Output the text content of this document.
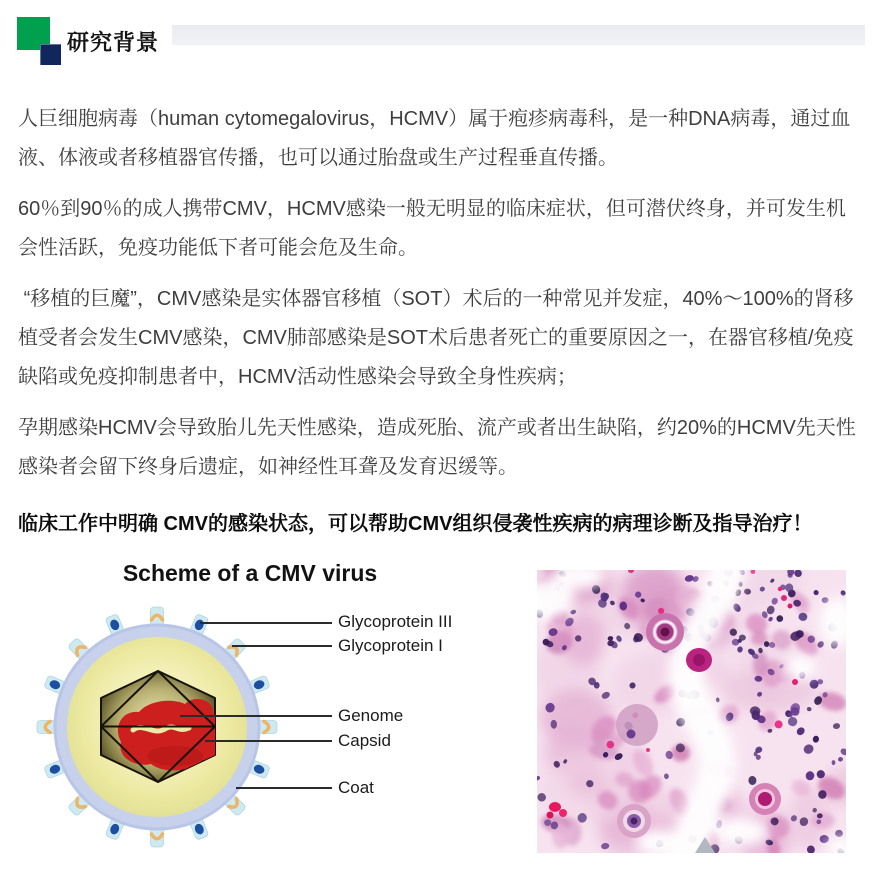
研究背景

人巨细胞病毒（human cytomegalovirus，HCMV）属于疱疹病毒科，是一种DNA病毒，通过血液、体液或者移植器官传播，也可以通过胎盘或生产过程垂直传播。

60％到90％的成人携带CMV，HCMV感染一般无明显的临床症状，但可潜伏终身，并可发生机会性活跃，免疫功能低下者可能会危及生命。

“移植的巨魔”，CMV感染是实体器官移植（SOT）术后的一种常见并发症，40%～100%的肾移植受者会发生CMV感染，CMV肺部感染是SOT术后患者死亡的重要原因之一，在器官移植/免疫缺陷或免疫抑制患者中，HCMV活动性感染会导致全身性疾病；

孕期感染HCMV会导致胎儿先天性感染，造成死胎、流产或者出生缺陷，约20%的HCMV先天性感染者会留下终身后遗症，如神经性耳聋及发育迟缓等。

临床工作中明确 CMV的感染状态，可以帮助CMV组织侵袭性疾病的病理诊断及指导治疗！

Scheme of a CMV virus
Glycoprotein III
Glycoprotein I
Genome
Capsid
Coat
